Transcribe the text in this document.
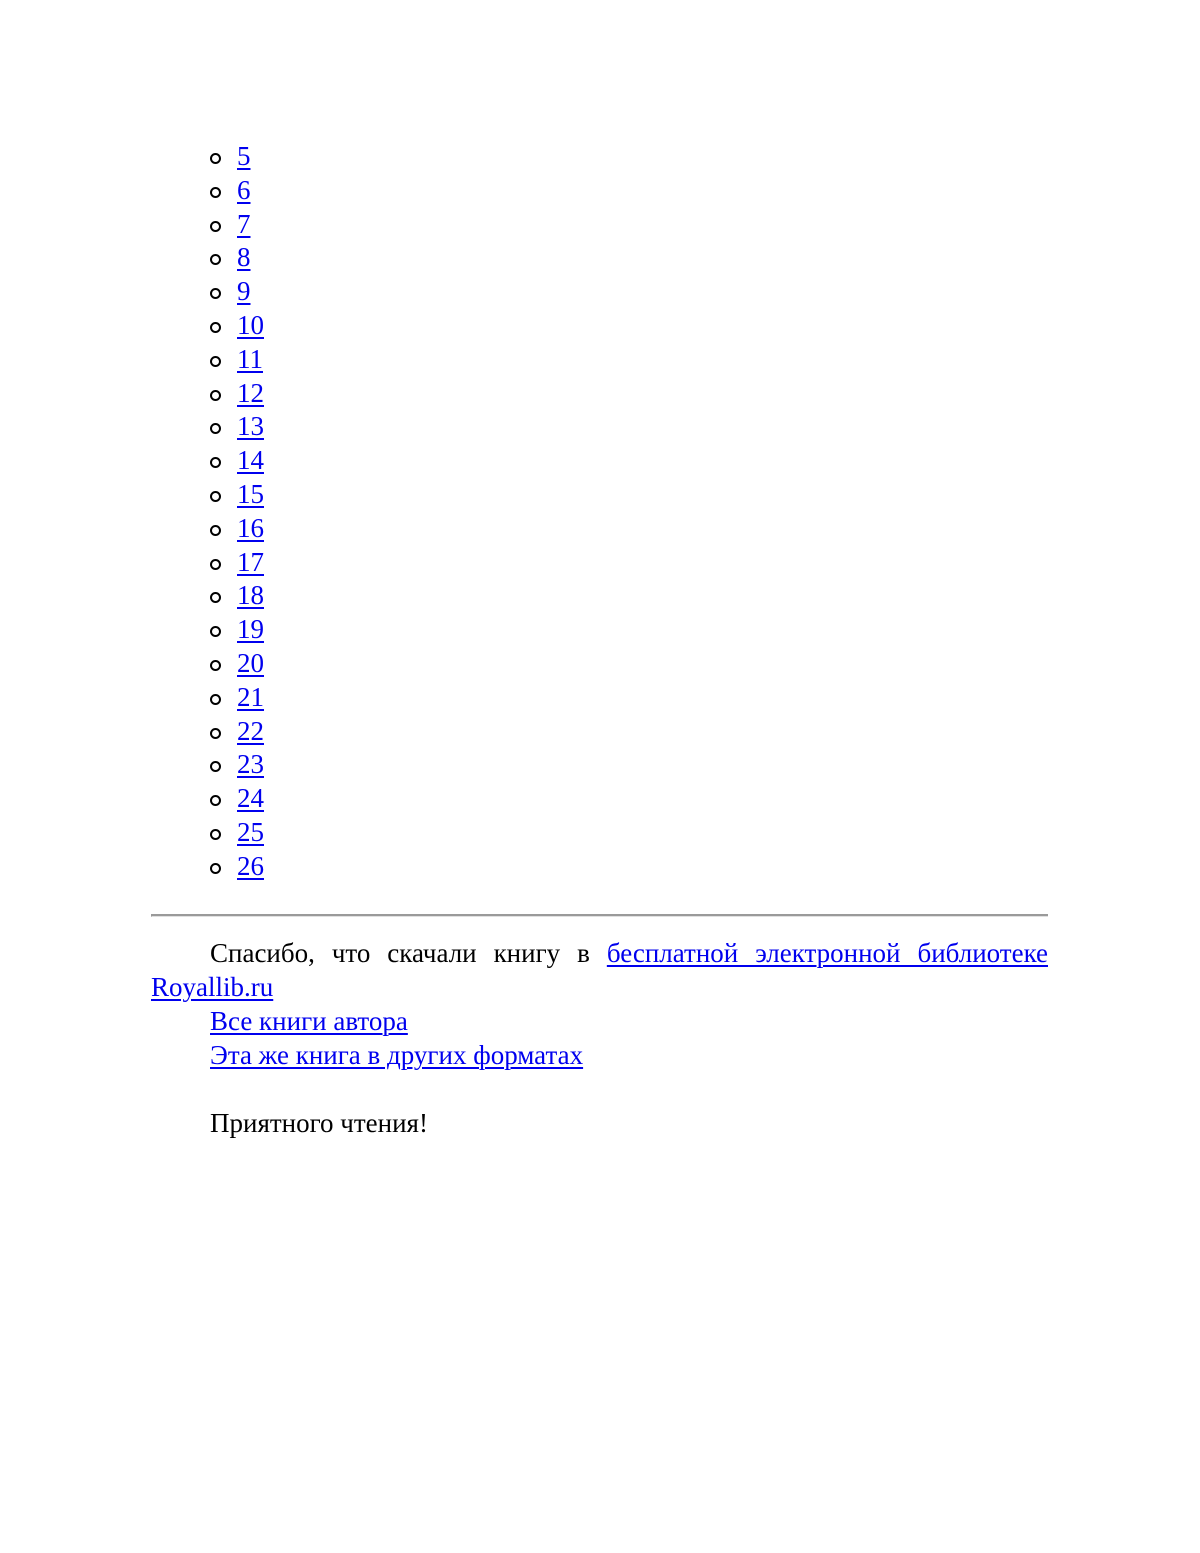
5
6
7
8
9
10
11
12
13
14
15
16
17
18
19
20
21
22
23
24
25
26
Спасибо, что скачали книгу в бесплатной электронной библиотеке Royallib.ru
Все книги автора
Эта же книга в других форматах
Приятного чтения!
